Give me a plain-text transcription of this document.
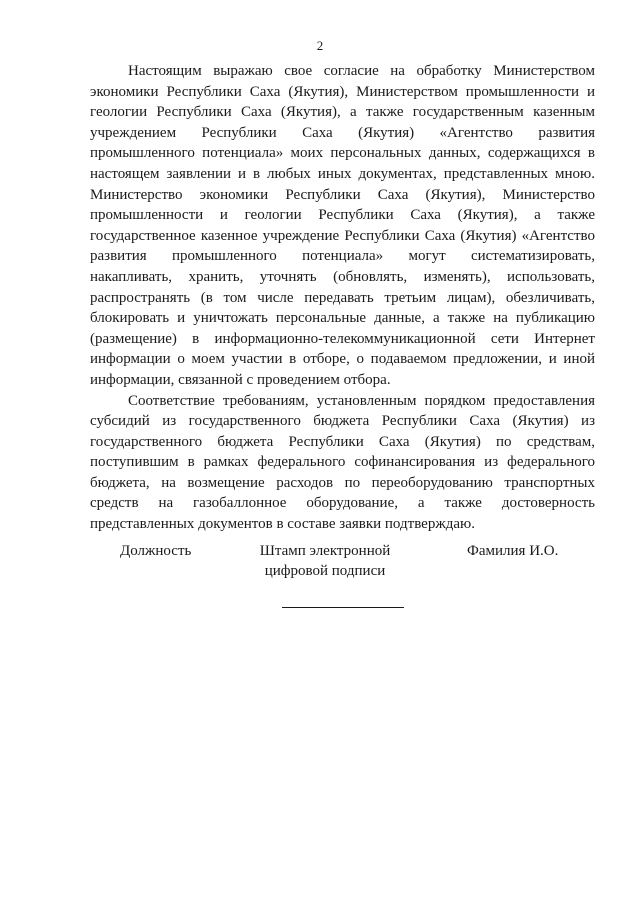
2
Настоящим выражаю свое согласие на обработку Министерством
экономики Республики Саха (Якутия), Министерством промышленности и
геологии Республики Саха (Якутия), а также государственным казенным
учреждением Республики Саха (Якутия) «Агентство развития
промышленного потенциала» моих персональных данных, содержащихся в
настоящем заявлении и в любых иных документах, представленных мною.
Министерство экономики Республики Саха (Якутия), Министерство
промышленности и геологии Республики Саха (Якутия), а также
государственное казенное учреждение Республики Саха (Якутия) «Агентство
развития промышленного потенциала» могут систематизировать,
накапливать, хранить, уточнять (обновлять, изменять), использовать,
распространять (в том числе передавать третьим лицам), обезличивать,
блокировать и уничтожать персональные данные, а также на публикацию
(размещение) в информационно-телекоммуникационной сети Интернет
информации о моем участии в отборе, о подаваемом предложении, и иной
информации, связанной с проведением отбора.
Соответствие требованиям, установленным порядком предоставления
субсидий из государственного бюджета Республики Саха (Якутия) из
государственного бюджета Республики Саха (Якутия) по средствам,
поступившим в рамках федерального софинансирования из федерального
бюджета, на возмещение расходов по переоборудованию транспортных
средств на газобаллонное оборудование, а также достоверность
представленных документов в составе заявки подтверждаю.
Должность	Штамп электронной
цифровой подписи
Фамилия И.О.
